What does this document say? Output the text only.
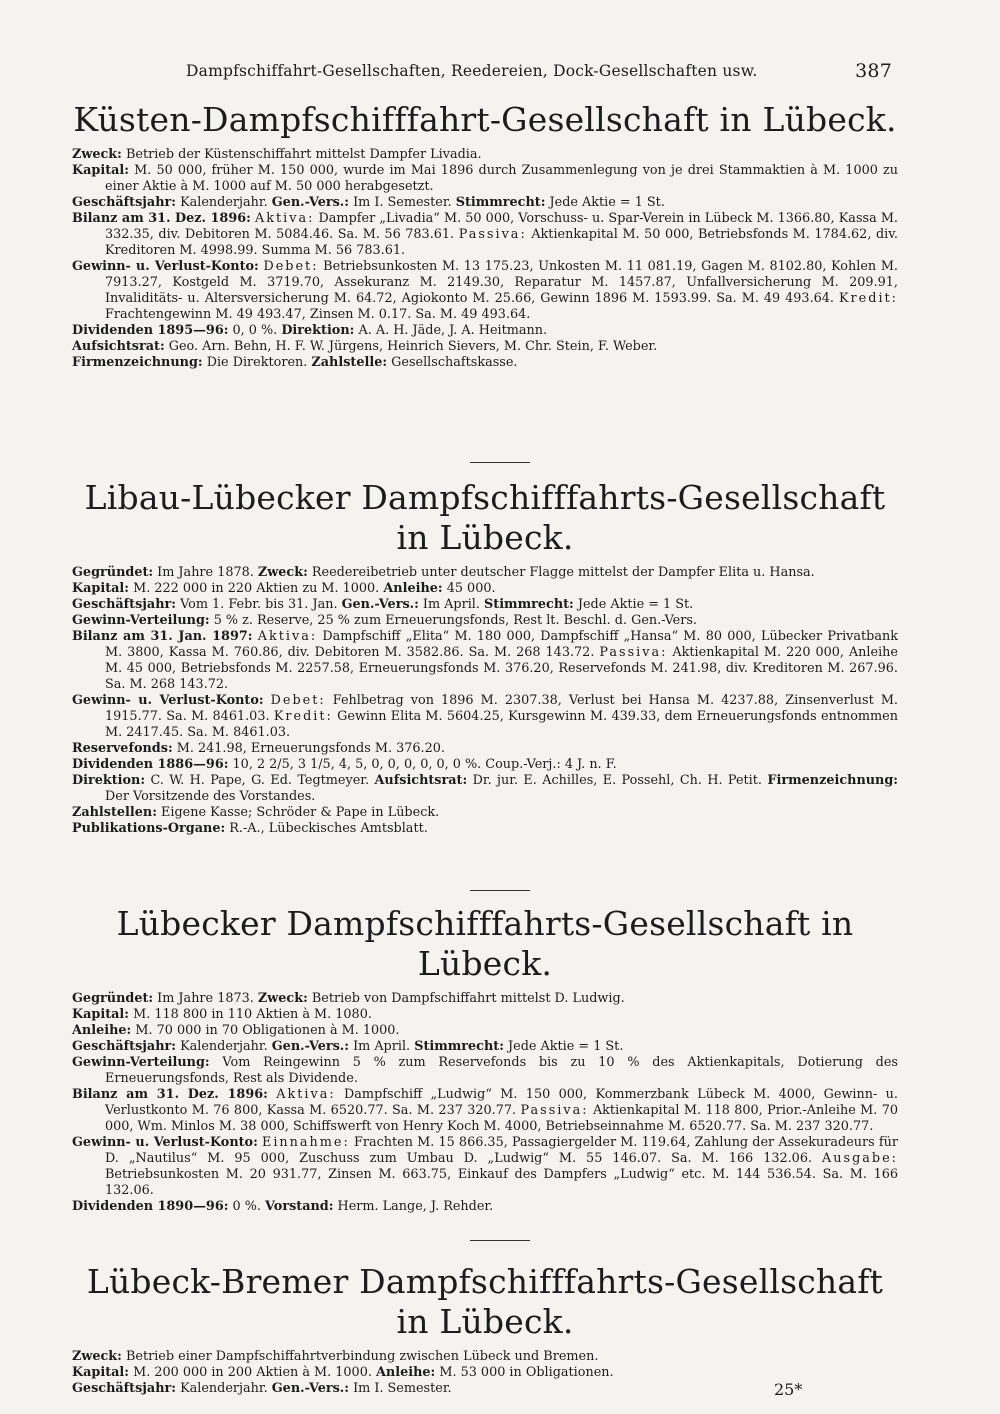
Dampfschiffahrt-Gesellschaften, Reedereien, Dock-Gesellschaften usw.	387
Küsten-Dampfschifffahrt-Gesellschaft in Lübeck.
Zweck: Betrieb der Küstenschiffahrt mittelst Dampfer Livadia.
Kapital: M. 50 000, früher M. 150 000, wurde im Mai 1896 durch Zusammenlegung von je drei Stammaktien à M. 1000 zu einer Aktie à M. 1000 auf M. 50 000 herabgesetzt.
Geschäftsjahr: Kalenderjahr. Gen.-Vers.: Im I. Semester. Stimmrecht: Jede Aktie = 1 St.
Bilanz am 31. Dez. 1896: Aktiva: Dampfer „Livadia“ M. 50 000, Vorschuss- u. Spar-Verein in Lübeck M. 1366.80, Kassa M. 332.35, div. Debitoren M. 5084.46. Sa. M. 56 783.61. Passiva: Aktienkapital M. 50 000, Betriebsfonds M. 1784.62, div. Kreditoren M. 4998.99. Summa M. 56 783.61.
Gewinn- u. Verlust-Konto: Debet: Betriebsunkosten M. 13 175.23, Unkosten M. 11 081.19, Gagen M. 8102.80, Kohlen M. 7913.27, Kostgeld M. 3719.70, Assekuranz M. 2149.30, Reparatur M. 1457.87, Unfallversicherung M. 209.91, Invaliditäts- u. Altersversicherung M. 64.72, Agiokonto M. 25.66, Gewinn 1896 M. 1593.99. Sa. M. 49 493.64. Kredit: Frachtengewinn M. 49 493.47, Zinsen M. 0.17. Sa. M. 49 493.64.
Dividenden 1895—96: 0, 0 %. Direktion: A. A. H. Jäde, J. A. Heitmann.
Aufsichtsrat: Geo. Arn. Behn, H. F. W. Jürgens, Heinrich Sievers, M. Chr. Stein, F. Weber.
Firmenzeichnung: Die Direktoren. Zahlstelle: Gesellschaftskasse.
Libau-Lübecker Dampfschifffahrts-Gesellschaft in Lübeck.
Gegründet: Im Jahre 1878. Zweck: Reedereibetrieb unter deutscher Flagge mittelst der Dampfer Elita u. Hansa.
Kapital: M. 222 000 in 220 Aktien zu M. 1000. Anleihe: 45 000.
Geschäftsjahr: Vom 1. Febr. bis 31. Jan. Gen.-Vers.: Im April. Stimmrecht: Jede Aktie = 1 St.
Gewinn-Verteilung: 5 % z. Reserve, 25 % zum Erneuerungsfonds, Rest lt. Beschl. d. Gen.-Vers.
Bilanz am 31. Jan. 1897: Aktiva: Dampfschiff „Elita“ M. 180 000, Dampfschiff „Hansa“ M. 80 000, Lübecker Privatbank M. 3800, Kassa M. 760.86, div. Debitoren M. 3582.86. Sa. M. 268 143.72. Passiva: Aktienkapital M. 220 000, Anleihe M. 45 000, Betriebsfonds M. 2257.58, Erneuerungsfonds M. 376.20, Reservefonds M. 241.98, div. Kreditoren M. 267.96. Sa. M. 268 143.72.
Gewinn- u. Verlust-Konto: Debet: Fehlbetrag von 1896 M. 2307.38, Verlust bei Hansa M. 4237.88, Zinsenverlust M. 1915.77. Sa. M. 8461.03. Kredit: Gewinn Elita M. 5604.25, Kursgewinn M. 439.33, dem Erneuerungsfonds entnommen M. 2417.45. Sa. M. 8461.03.
Reservefonds: M. 241.98, Erneuerungsfonds M. 376.20.
Dividenden 1886—96: 10, 2 2/5, 3 1/5, 4, 5, 0, 0, 0, 0, 0, 0 %. Coup.-Verj.: 4 J. n. F.
Direktion: C. W. H. Pape, G. Ed. Tegtmeyer. Aufsichtsrat: Dr. jur. E. Achilles, E. Possehl, Ch. H. Petit. Firmenzeichnung: Der Vorsitzende des Vorstandes.
Zahlstellen: Eigene Kasse; Schröder & Pape in Lübeck.
Publikations-Organe: R.-A., Lübeckisches Amtsblatt.
Lübecker Dampfschifffahrts-Gesellschaft in Lübeck.
Gegründet: Im Jahre 1873. Zweck: Betrieb von Dampfschiffahrt mittelst D. Ludwig.
Kapital: M. 118 800 in 110 Aktien à M. 1080.
Anleihe: M. 70 000 in 70 Obligationen à M. 1000.
Geschäftsjahr: Kalenderjahr. Gen.-Vers.: Im April. Stimmrecht: Jede Aktie = 1 St.
Gewinn-Verteilung: Vom Reingewinn 5 % zum Reservefonds bis zu 10 % des Aktienkapitals, Dotierung des Erneuerungsfonds, Rest als Dividende.
Bilanz am 31. Dez. 1896: Aktiva: Dampfschiff „Ludwig“ M. 150 000, Kommerzbank Lübeck M. 4000, Gewinn- u. Verlustkonto M. 76 800, Kassa M. 6520.77. Sa. M. 237 320.77. Passiva: Aktienkapital M. 118 800, Prior.-Anleihe M. 70 000, Wm. Minlos M. 38 000, Schiffswerft von Henry Koch M. 4000, Betriebseinnahme M. 6520.77. Sa. M. 237 320.77.
Gewinn- u. Verlust-Konto: Einnahme: Frachten M. 15 866.35, Passagiergelder M. 119.64, Zahlung der Assekuradeurs für D. „Nautilus“ M. 95 000, Zuschuss zum Umbau D. „Ludwig“ M. 55 146.07. Sa. M. 166 132.06. Ausgabe: Betriebsunkosten M. 20 931.77, Zinsen M. 663.75, Einkauf des Dampfers „Ludwig“ etc. M. 144 536.54. Sa. M. 166 132.06.
Dividenden 1890—96: 0 %. Vorstand: Herm. Lange, J. Rehder.
Lübeck-Bremer Dampfschifffahrts-Gesellschaft in Lübeck.
Zweck: Betrieb einer Dampfschiffahrtverbindung zwischen Lübeck und Bremen.
Kapital: M. 200 000 in 200 Aktien à M. 1000. Anleihe: M. 53 000 in Obligationen.
Geschäftsjahr: Kalenderjahr. Gen.-Vers.: Im I. Semester.	25*
